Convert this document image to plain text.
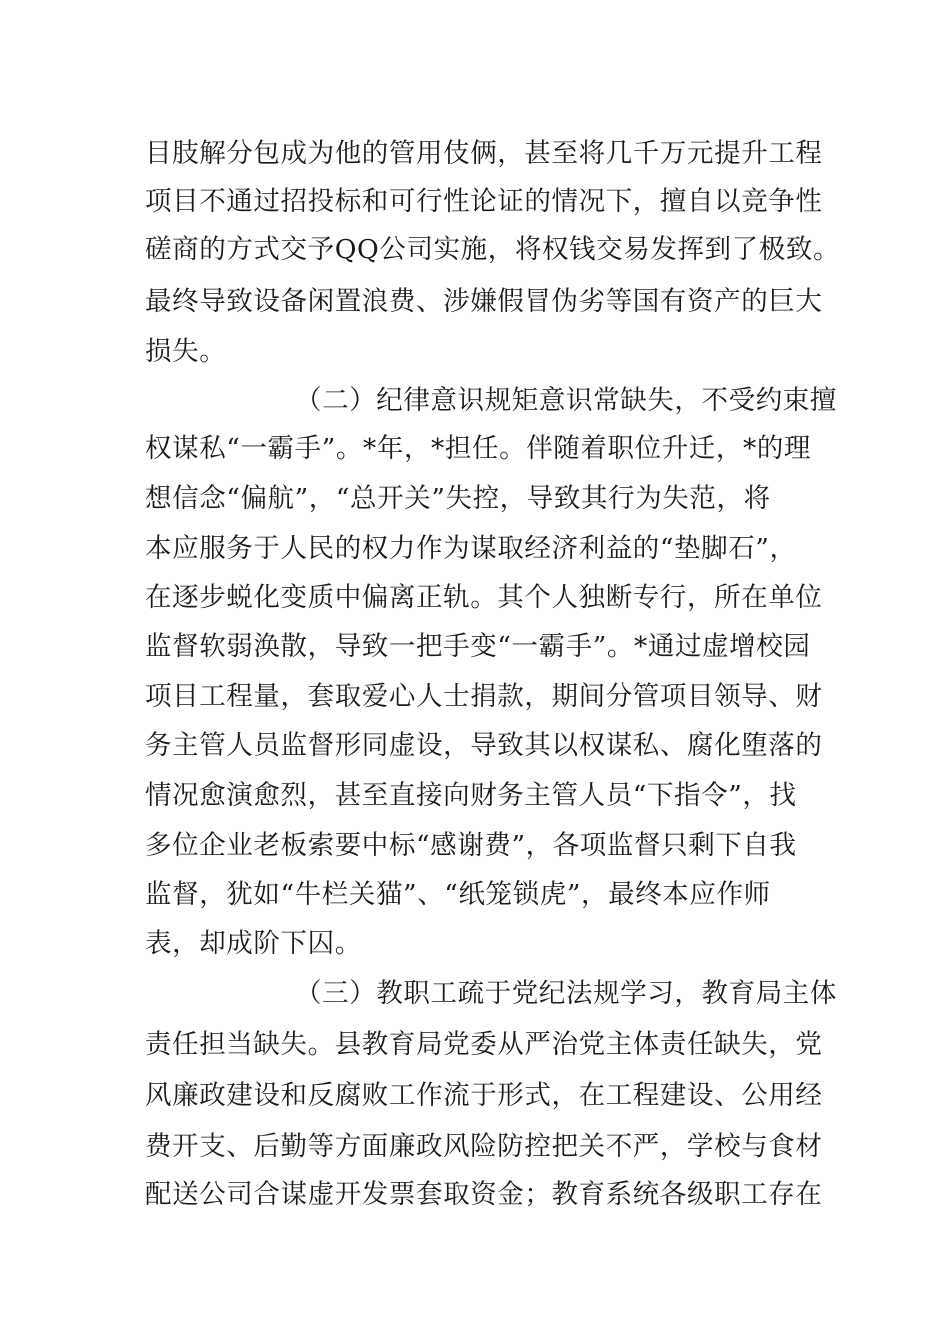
目肢解分包成为他的管用伎俩，甚至将几千万元提升工程

项目不通过招投标和可行性论证的情况下，擅自以竞争性

磋商的方式交予QQ公司实施，将权钱交易发挥到了极致。

最终导致设备闲置浪费、涉嫌假冒伪劣等国有资产的巨大

损失。

（二）纪律意识规矩意识常缺失，不受约束擅

权谋私“一霸手”。*年，*担任。伴随着职位升迁，*的理

想信念“偏航”，“总开关”失控，导致其行为失范，将

本应服务于人民的权力作为谋取经济利益的“垫脚石”，

在逐步蜕化变质中偏离正轨。其个人独断专行，所在单位

监督软弱涣散，导致一把手变“一霸手”。*通过虚增校园

项目工程量，套取爱心人士捐款，期间分管项目领导、财

务主管人员监督形同虚设，导致其以权谋私、腐化堕落的

情况愈演愈烈，甚至直接向财务主管人员“下指令”，找

多位企业老板索要中标“感谢费”，各项监督只剩下自我

监督，犹如“牛栏关猫”、“纸笼锁虎”，最终本应作师

表，却成阶下囚。

（三）教职工疏于党纪法规学习，教育局主体

责任担当缺失。县教育局党委从严治党主体责任缺失，党

风廉政建设和反腐败工作流于形式，在工程建设、公用经

费开支、后勤等方面廉政风险防控把关不严，学校与食材

配送公司合谋虚开发票套取资金；教育系统各级职工存在
